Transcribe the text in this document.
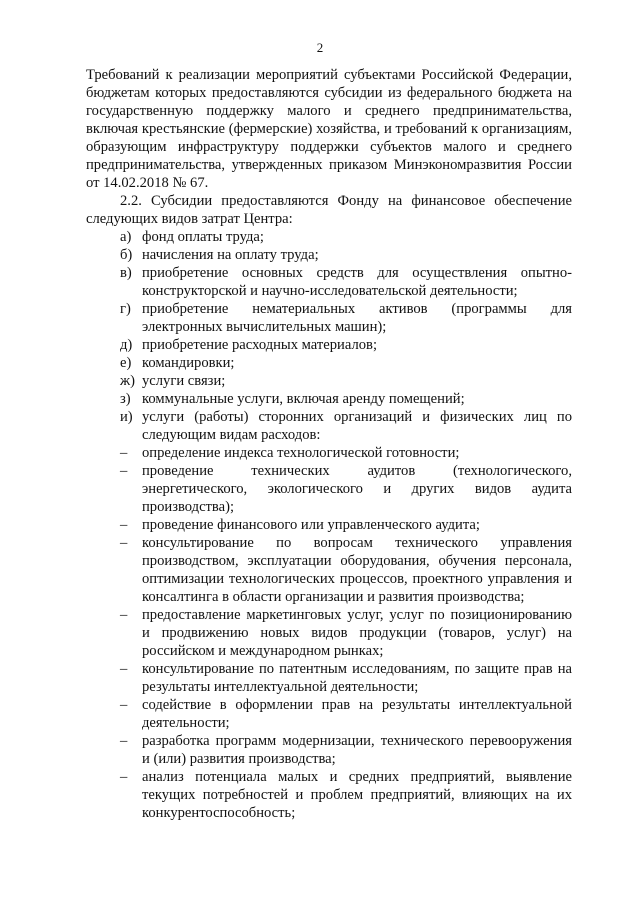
2
Требований к реализации мероприятий субъектами Российской Федерации, бюджетам которых предоставляются субсидии из федерального бюджета на государственную поддержку малого и среднего предпринимательства, включая крестьянские (фермерские) хозяйства, и требований к организациям, образующим инфраструктуру поддержки субъектов малого и среднего предпринимательства, утвержденных приказом Минэкономразвития России от 14.02.2018 № 67.
2.2. Субсидии предоставляются Фонду на финансовое обеспечение следующих видов затрат Центра:
а) фонд оплаты труда;
б) начисления на оплату труда;
в) приобретение основных средств для осуществления опытно-конструкторской и научно-исследовательской деятельности;
г) приобретение нематериальных активов (программы для электронных вычислительных машин);
д) приобретение расходных материалов;
е) командировки;
ж) услуги связи;
з) коммунальные услуги, включая аренду помещений;
и) услуги (работы) сторонних организаций и физических лиц по
следующим видам расходов:
– определение индекса технологической готовности;
– проведение технических аудитов (технологического, энергетического, экологического и других видов аудита производства);
– проведение финансового или управленческого аудита;
– консультирование по вопросам технического управления производством, эксплуатации оборудования, обучения персонала, оптимизации технологических процессов, проектного управления и консалтинга в области организации и развития производства;
– предоставление маркетинговых услуг, услуг по позиционированию и продвижению новых видов продукции (товаров, услуг) на российском и международном рынках;
– консультирование по патентным исследованиям, по защите прав на результаты интеллектуальной деятельности;
– содействие в оформлении прав на результаты интеллектуальной деятельности;
– разработка программ модернизации, технического перевооружения и (или) развития производства;
– анализ потенциала малых и средних предприятий, выявление текущих потребностей и проблем предприятий, влияющих на их конкурентоспособность;
